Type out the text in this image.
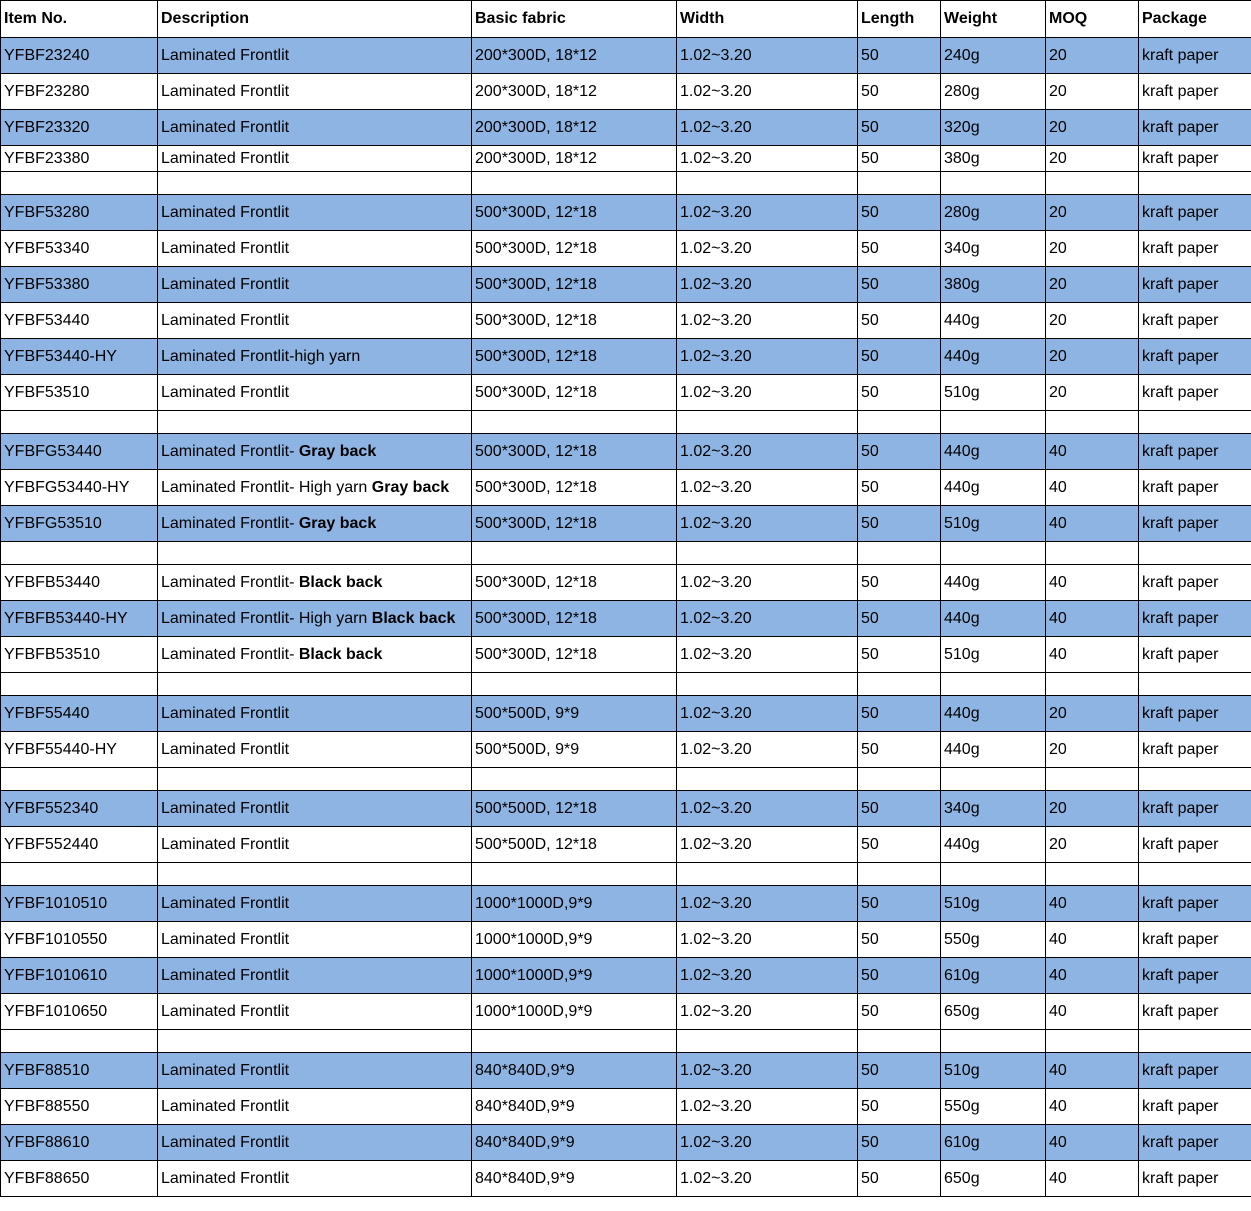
Item No.	Description	Basic fabric	Width	Length	Weight	MOQ	Package
YFBF23240	Laminated Frontlit	200*300D, 18*12	1.02~3.20	50	240g	20	kraft paper
YFBF23280	Laminated Frontlit	200*300D, 18*12	1.02~3.20	50	280g	20	kraft paper
YFBF23320	Laminated Frontlit	200*300D, 18*12	1.02~3.20	50	320g	20	kraft paper
YFBF23380	Laminated Frontlit	200*300D, 18*12	1.02~3.20	50	380g	20	kraft paper

YFBF53280	Laminated Frontlit	500*300D, 12*18	1.02~3.20	50	280g	20	kraft paper
YFBF53340	Laminated Frontlit	500*300D, 12*18	1.02~3.20	50	340g	20	kraft paper
YFBF53380	Laminated Frontlit	500*300D, 12*18	1.02~3.20	50	380g	20	kraft paper
YFBF53440	Laminated Frontlit	500*300D, 12*18	1.02~3.20	50	440g	20	kraft paper
YFBF53440-HY	Laminated Frontlit-high yarn	500*300D, 12*18	1.02~3.20	50	440g	20	kraft paper
YFBF53510	Laminated Frontlit	500*300D, 12*18	1.02~3.20	50	510g	20	kraft paper

YFBFG53440	Laminated Frontlit- Gray back	500*300D, 12*18	1.02~3.20	50	440g	40	kraft paper
YFBFG53440-HY	Laminated Frontlit- High yarn Gray back	500*300D, 12*18	1.02~3.20	50	440g	40	kraft paper
YFBFG53510	Laminated Frontlit- Gray back	500*300D, 12*18	1.02~3.20	50	510g	40	kraft paper

YFBFB53440	Laminated Frontlit- Black back	500*300D, 12*18	1.02~3.20	50	440g	40	kraft paper
YFBFB53440-HY	Laminated Frontlit- High yarn Black back	500*300D, 12*18	1.02~3.20	50	440g	40	kraft paper
YFBFB53510	Laminated Frontlit- Black back	500*300D, 12*18	1.02~3.20	50	510g	40	kraft paper

YFBF55440	Laminated Frontlit	500*500D, 9*9	1.02~3.20	50	440g	20	kraft paper
YFBF55440-HY	Laminated Frontlit	500*500D, 9*9	1.02~3.20	50	440g	20	kraft paper

YFBF552340	Laminated Frontlit	500*500D, 12*18	1.02~3.20	50	340g	20	kraft paper
YFBF552440	Laminated Frontlit	500*500D, 12*18	1.02~3.20	50	440g	20	kraft paper

YFBF1010510	Laminated Frontlit	1000*1000D,9*9	1.02~3.20	50	510g	40	kraft paper
YFBF1010550	Laminated Frontlit	1000*1000D,9*9	1.02~3.20	50	550g	40	kraft paper
YFBF1010610	Laminated Frontlit	1000*1000D,9*9	1.02~3.20	50	610g	40	kraft paper
YFBF1010650	Laminated Frontlit	1000*1000D,9*9	1.02~3.20	50	650g	40	kraft paper

YFBF88510	Laminated Frontlit	840*840D,9*9	1.02~3.20	50	510g	40	kraft paper
YFBF88550	Laminated Frontlit	840*840D,9*9	1.02~3.20	50	550g	40	kraft paper
YFBF88610	Laminated Frontlit	840*840D,9*9	1.02~3.20	50	610g	40	kraft paper
YFBF88650	Laminated Frontlit	840*840D,9*9	1.02~3.20	50	650g	40	kraft paper
